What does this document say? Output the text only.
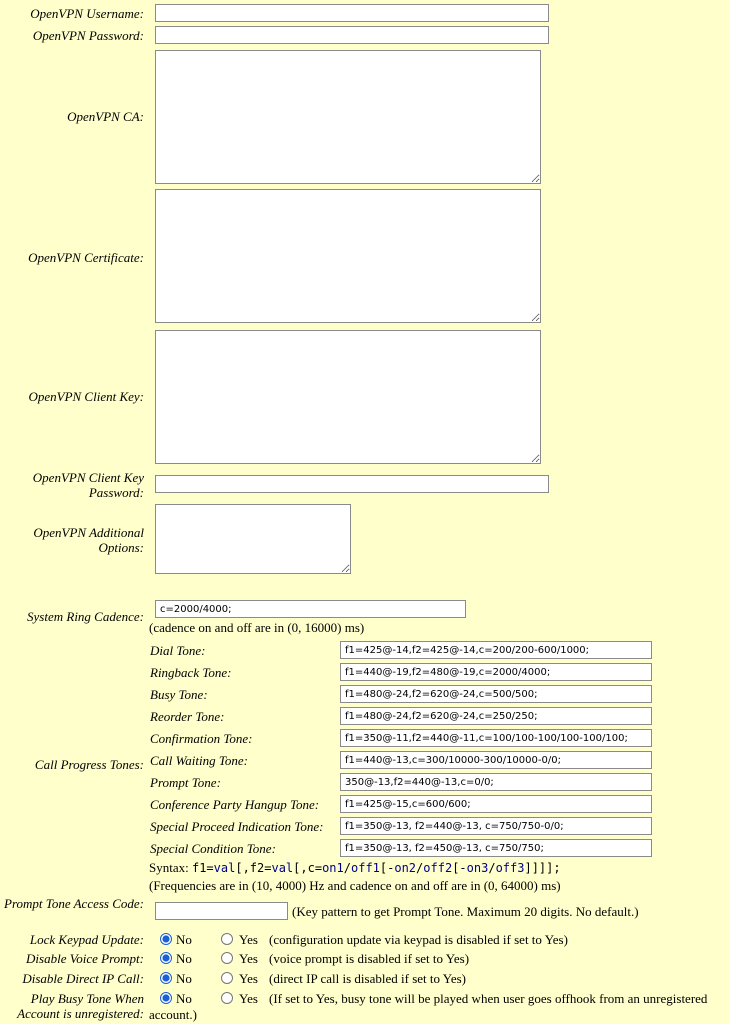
OpenVPN Username:
OpenVPN Password:
OpenVPN CA:
OpenVPN Certificate:
OpenVPN Client Key:
OpenVPN Client Key Password:
OpenVPN Additional Options:
System Ring Cadence:
c=2000/4000;
(cadence on and off are in (0, 16000) ms)
Call Progress Tones:
Dial Tone:
f1=425@-14,f2=425@-14,c=200/200-600/1000;
Ringback Tone:
f1=440@-19,f2=480@-19,c=2000/4000;
Busy Tone:
f1=480@-24,f2=620@-24,c=500/500;
Reorder Tone:
f1=480@-24,f2=620@-24,c=250/250;
Confirmation Tone:
f1=350@-11,f2=440@-11,c=100/100-100/100-100/100;
Call Waiting Tone:
f1=440@-13,c=300/10000-300/10000-0/0;
Prompt Tone:
350@-13,f2=440@-13,c=0/0;
Conference Party Hangup Tone:
f1=425@-15,c=600/600;
Special Proceed Indication Tone:
f1=350@-13, f2=440@-13, c=750/750-0/0;
Special Condition Tone:
f1=350@-13, f2=450@-13, c=750/750;
Syntax: f1=val[,f2=val[,c=on1/off1[-on2/off2[-on3/off3]]]];
(Frequencies are in (10, 4000) Hz and cadence on and off are in (0, 64000) ms)
Prompt Tone Access Code:
(Key pattern to get Prompt Tone. Maximum 20 digits. No default.)
Lock Keypad Update: No	Yes (configuration update via keypad is disabled if set to Yes)
Disable Voice Prompt: No	Yes (voice prompt is disabled if set to Yes)
Disable Direct IP Call: No	Yes (direct IP call is disabled if set to Yes)
Play Busy Tone When Account is unregistered:
No	Yes (If set to Yes, busy tone will be played when user goes offhook from an unregistered
account.)
